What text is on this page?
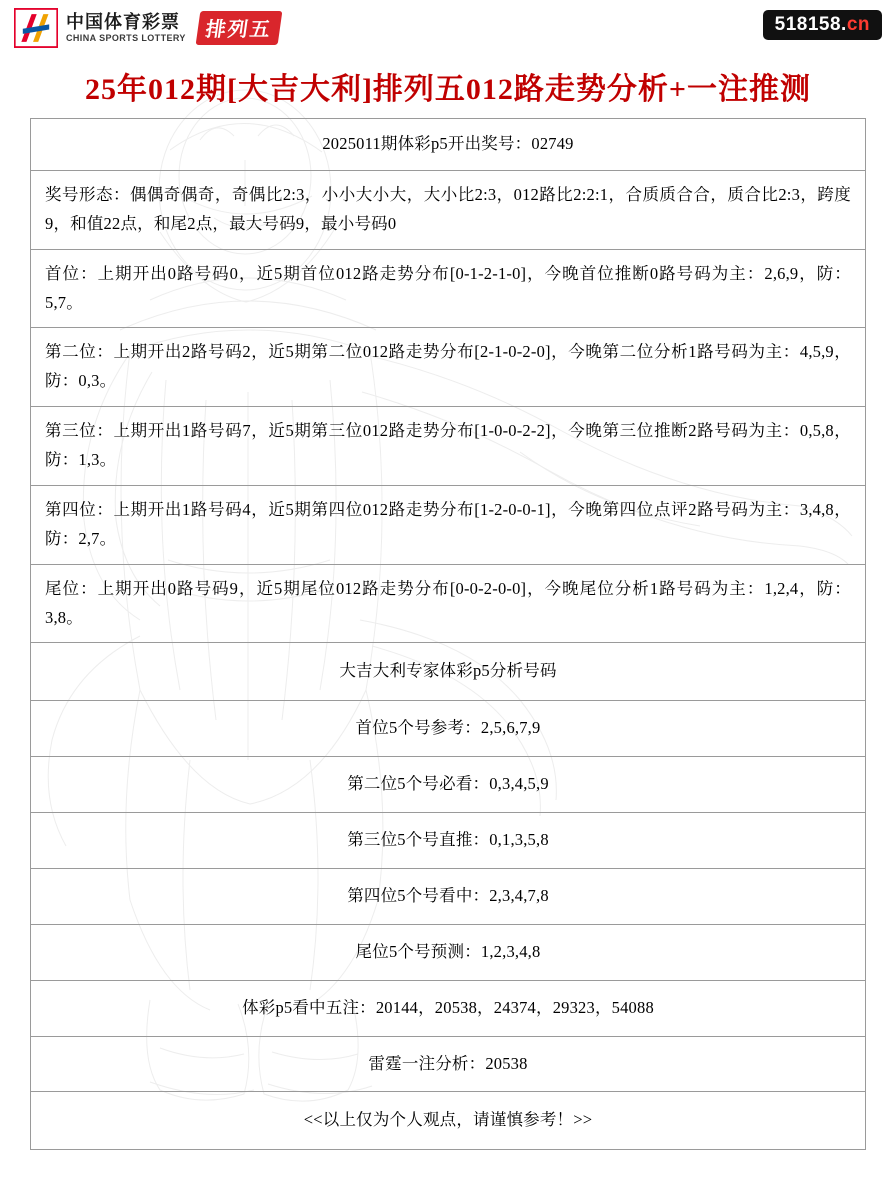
中国体育彩票
CHINA SPORTS LOTTERY 排列五	518158.cn
25年012期[大吉大利]排列五012路走势分析+一注推测
2025011期体彩p5开出奖号：02749
奖号形态：偶偶奇偶奇，奇偶比2:3，小小大小大，大小比2:3，012路比2:2:1，合质质合合，质合比2:3，跨度9，和值22点，和尾2点，最大号码9，最小号码0
首位：上期开出0路号码0，近5期首位012路走势分布[0-1-2-1-0]，今晚首位推断0路号码为主：2,6,9，防：5,7。
第二位：上期开出2路号码2，近5期第二位012路走势分布[2-1-0-2-0]，今晚第二位分析1路号码为主：4,5,9，防：0,3。
第三位：上期开出1路号码7，近5期第三位012路走势分布[1-0-0-2-2]，今晚第三位推断2路号码为主：0,5,8，防：1,3。
第四位：上期开出1路号码4，近5期第四位012路走势分布[1-2-0-0-1]，今晚第四位点评2路号码为主：3,4,8，防：2,7。
尾位：上期开出0路号码9，近5期尾位012路走势分布[0-0-2-0-0]，今晚尾位分析1路号码为主：1,2,4，防：3,8。
大吉大利专家体彩p5分析号码
首位5个号参考：2,5,6,7,9
第二位5个号必看：0,3,4,5,9
第三位5个号直推：0,1,3,5,8
第四位5个号看中：2,3,4,7,8
尾位5个号预测：1,2,3,4,8
体彩p5看中五注：20144，20538，24374，29323，54088
雷霆一注分析：20538
<<以上仅为个人观点，请谨慎参考！>>
